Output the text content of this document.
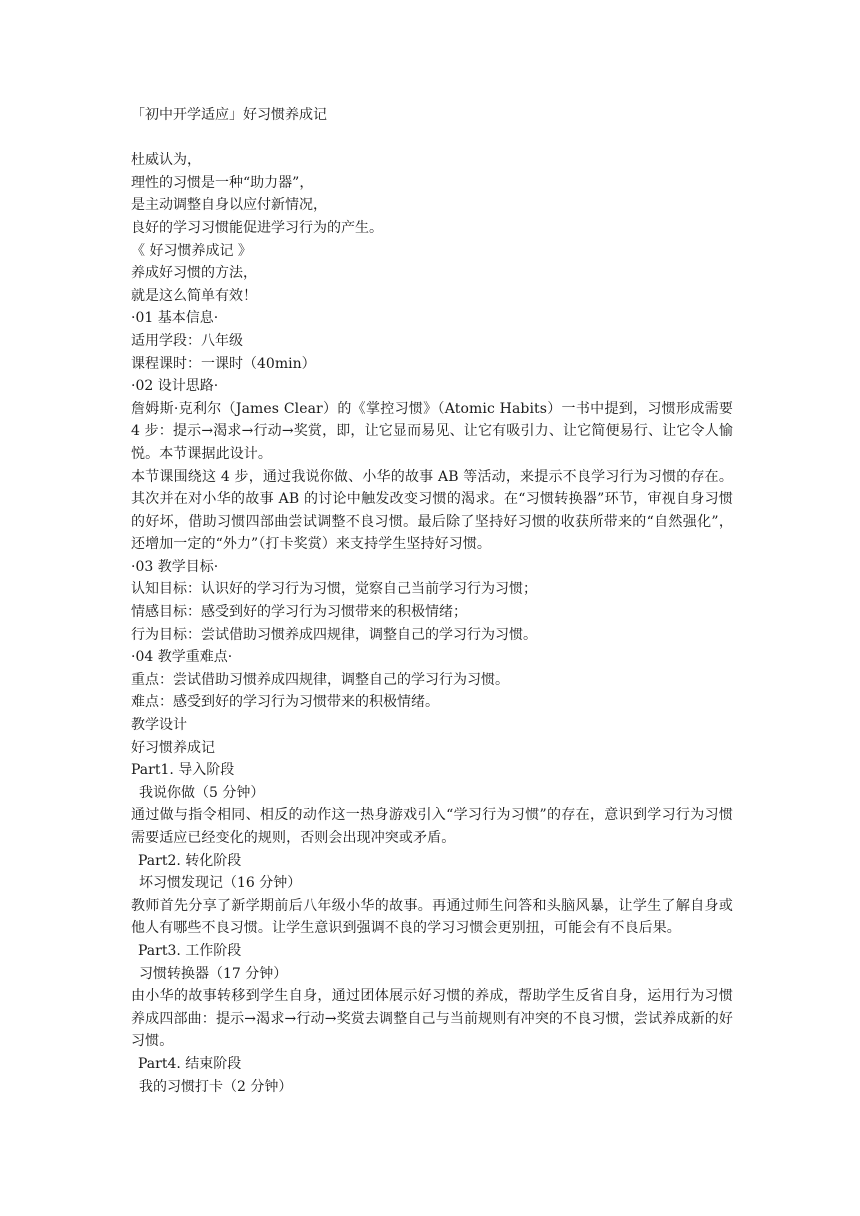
「初中开学适应」好习惯养成记
杜威认为，
理性的习惯是一种“助力器”，
是主动调整自身以应付新情况，
良好的学习习惯能促进学习行为的产生。
《 好习惯养成记 》
养成好习惯的方法，
就是这么简单有效！
·01 基本信息·
适用学段：八年级
课程课时：一课时（40min）
·02 设计思路·
詹姆斯·克利尔（James Clear）的《掌控习惯》（Atomic Habits）一书中提到，习惯形成需要 4 步：提示→渴求→行动→奖赏，即，让它显而易见、让它有吸引力、让它简便易行、让它令人愉悦。本节课据此设计。
本节课围绕这 4 步，通过我说你做、小华的故事 AB 等活动，来提示不良学习行为习惯的存在。其次并在对小华的故事 AB 的讨论中触发改变习惯的渴求。在“习惯转换器”环节，审视自身习惯的好坏，借助习惯四部曲尝试调整不良习惯。最后除了坚持好习惯的收获所带来的“自然强化”，还增加一定的“外力”（打卡奖赏）来支持学生坚持好习惯。
·03 教学目标·
认知目标：认识好的学习行为习惯，觉察自己当前学习行为习惯；
情感目标：感受到好的学习行为习惯带来的积极情绪；
行为目标：尝试借助习惯养成四规律，调整自己的学习行为习惯。
·04 教学重难点·
重点：尝试借助习惯养成四规律，调整自己的学习行为习惯。
难点：感受到好的学习行为习惯带来的积极情绪。
教学设计
好习惯养成记
Part1. 导入阶段
我说你做（5 分钟）
通过做与指令相同、相反的动作这一热身游戏引入“学习行为习惯”的存在，意识到学习行为习惯需要适应已经变化的规则，否则会出现冲突或矛盾。
Part2. 转化阶段
坏习惯发现记（16 分钟）
教师首先分享了新学期前后八年级小华的故事。再通过师生问答和头脑风暴，让学生了解自身或他人有哪些不良习惯。让学生意识到强调不良的学习习惯会更别扭，可能会有不良后果。
Part3. 工作阶段
习惯转换器（17 分钟）
由小华的故事转移到学生自身，通过团体展示好习惯的养成，帮助学生反省自身，运用行为习惯养成四部曲：提示→渴求→行动→奖赏去调整自己与当前规则有冲突的不良习惯，尝试养成新的好习惯。
Part4. 结束阶段
我的习惯打卡（2 分钟）
